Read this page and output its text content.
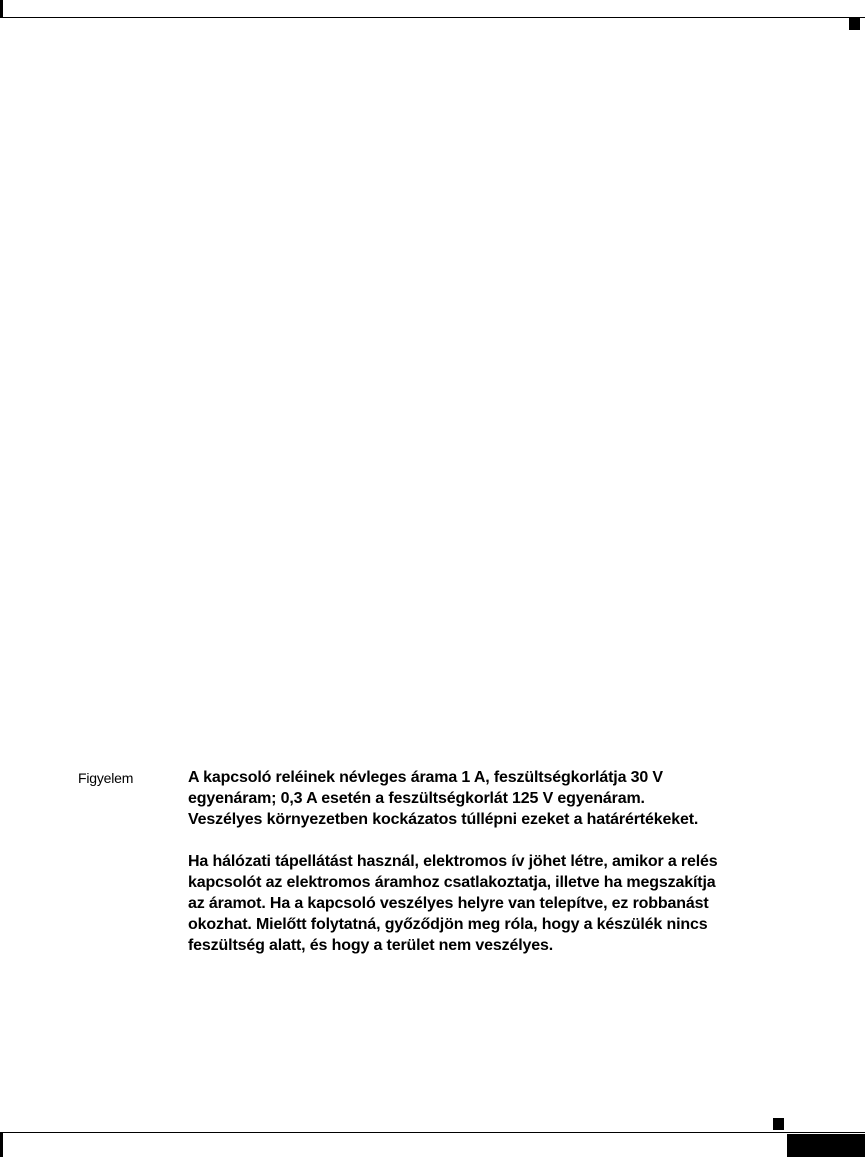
Figyelem	A kapcsoló reléinek névleges árama 1 A, feszültségkorlátja 30 V
egyenáram; 0,3 A esetén a feszültségkorlát 125 V egyenáram.
Veszélyes környezetben kockázatos túllépni ezeket a határértékeket.

Ha hálózati tápellátást használ, elektromos ív jöhet létre, amikor a relés
kapcsolót az elektromos áramhoz csatlakoztatja, illetve ha megszakítja
az áramot. Ha a kapcsoló veszélyes helyre van telepítve, ez robbanást
okozhat. Mielőtt folytatná, győződjön meg róla, hogy a készülék nincs
feszültség alatt, és hogy a terület nem veszélyes.
